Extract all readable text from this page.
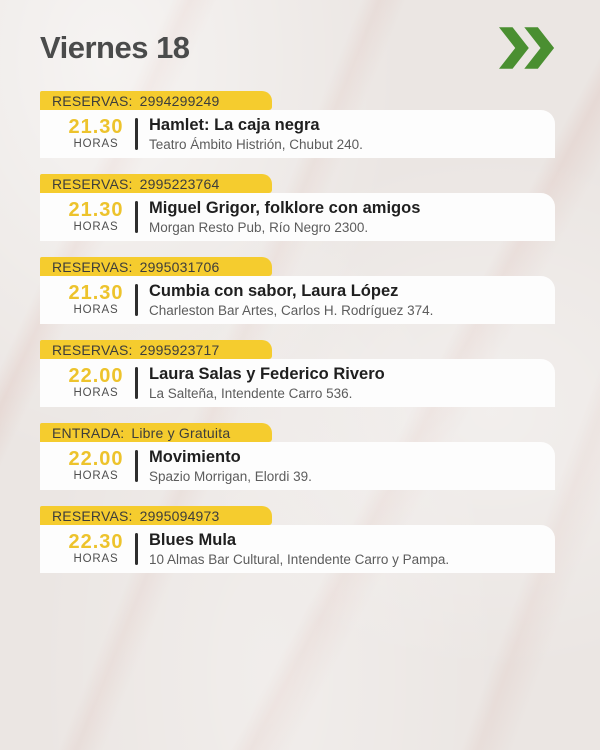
Viernes 18
RESERVAS: 2994299249
21.30
HORAS
Hamlet: La caja negra
Teatro Ámbito Histrión, Chubut 240.
RESERVAS: 2995223764
21.30
HORAS
Miguel Grigor, folklore con amigos
Morgan Resto Pub, Río Negro 2300.
RESERVAS: 2995031706
21.30
HORAS
Cumbia con sabor, Laura López
Charleston Bar Artes, Carlos H. Rodríguez 374.
RESERVAS: 2995923717
22.00
HORAS
Laura Salas y Federico Rivero
La Salteña, Intendente Carro 536.
ENTRADA: Libre y Gratuita
22.00
HORAS
Movimiento
Spazio Morrigan, Elordi 39.
RESERVAS: 2995094973
22.30
HORAS
Blues Mula
10 Almas Bar Cultural, Intendente Carro y Pampa.
